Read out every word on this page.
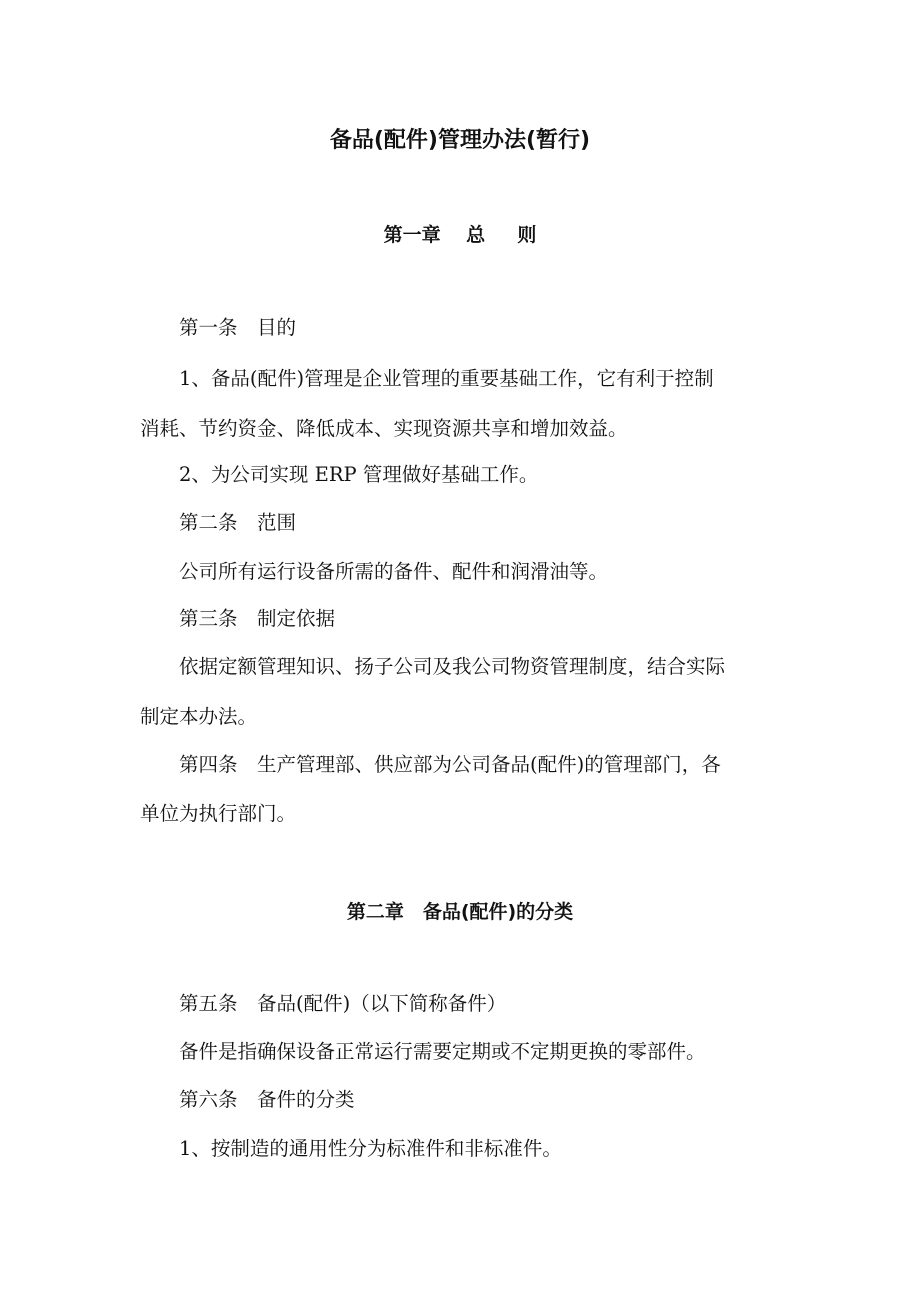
备品(配件)管理办法(暂行)
第一章　 总　  则
第一条　目的
1、备品(配件)管理是企业管理的重要基础工作，它有利于控制
消耗、节约资金、降低成本、实现资源共享和增加效益。
2、为公司实现 ERP 管理做好基础工作。
第二条　范围
公司所有运行设备所需的备件、配件和润滑油等。
第三条　制定依据
依据定额管理知识、扬子公司及我公司物资管理制度，结合实际
制定本办法。
第四条　生产管理部、供应部为公司备品(配件)的管理部门，各
单位为执行部门。
第二章　备品(配件)的分类
第五条　备品(配件)（以下简称备件）
备件是指确保设备正常运行需要定期或不定期更换的零部件。
第六条　备件的分类
1、按制造的通用性分为标准件和非标准件。
